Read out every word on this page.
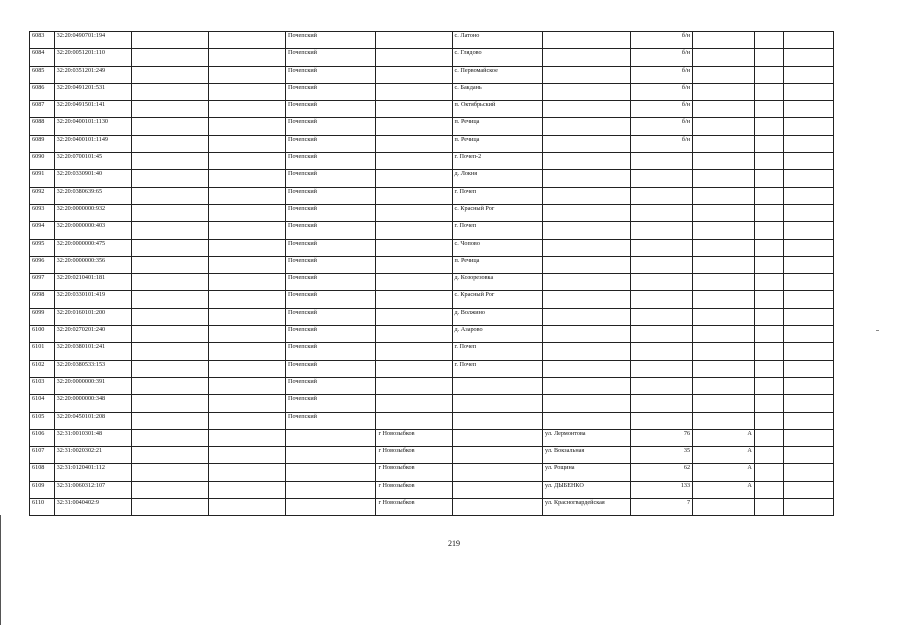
6083	32:20:0490701:194			Почепский		с. Латоно		б/н			
6084	32:20:0051201:110			Почепский		с. Глядово		б/н			
6085	32:20:0351201:249			Почепский		с. Первомайское		б/н			
6086	32:20:0491201:531			Почепский		с. Бакдань		б/н			
6087	32:20:0491501:141			Почепский		п. Октябрьский		б/н			
6088	32:20:0400101:1130			Почепский		п. Речица		б/н			
6089	32:20:0400101:1149			Почепский		п. Речица		б/н			
6090	32:20:0700101:45			Почепский		г. Почеп-2					
6091	32:20:0330901:40			Почепский		д. Локня					
6092	32:20:0380639:65			Почепский		г. Почеп					
6093	32:20:0000000:932			Почепский		с. Красный Рог					
6094	32:20:0000000:403			Почепский		г. Почеп					
6095	32:20:0000000:475			Почепский		с. Чоповo					
6096	32:20:0000000:356			Почепский		п. Речица					
6097	32:20:0210401:181			Почепский		д. Козорезовка					
6098	32:20:0330101:419			Почепский		с. Красный Рог					
6099	32:20:0160101:200			Почепский		д. Волжино					
6100	32:20:0270201:240			Почепский		д. Азарово					
6101	32:20:0380101:241			Почепский		г. Почеп					
6102	32:20:0380533:153			Почепский		г. Почеп					
6103	32:20:0000000:391			Почепский							
6104	32:20:0000000:348			Почепский							
6105	32:20:0450101:208			Почепский							
6106	32:31:0010301:48				г Новозыбков		ул. Лермонтова	76	А		
6107	32:31:0020302:21				г Новозыбков		ул. Вокзальная	35	А		
6108	32:31:0120401:112				г Новозыбков		ул. Рощина	62	А		
6109	32:31:0060312:107				г Новозыбков		ул. ДЫБЕНКО	133	А		
6110	32:31:0040402:9				г Новозыбков		ул. Красногвардейская	7			
219
